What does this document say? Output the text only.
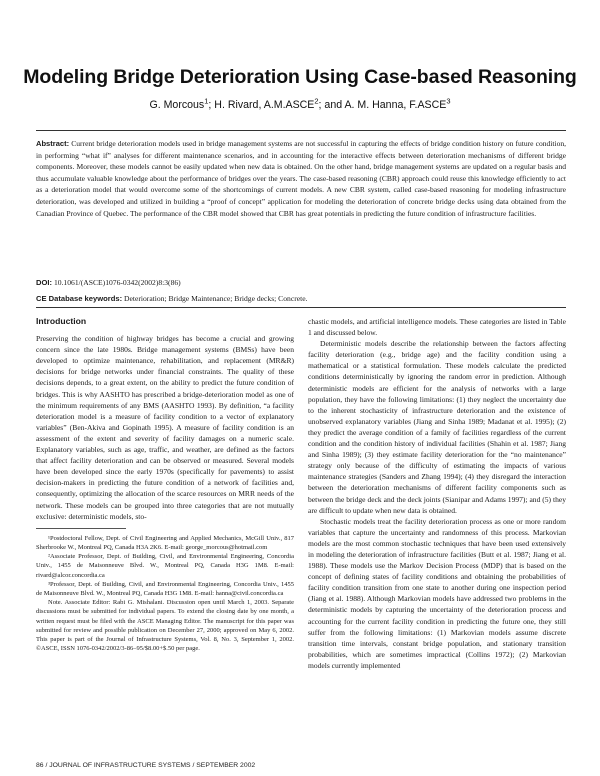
Modeling Bridge Deterioration Using Case-based Reasoning
G. Morcous$^1$; H. Rivard, A.M.ASCE$^2$; and A. M. Hanna, F.ASCE$^3$
Abstract: Current bridge deterioration models used in bridge management systems are not successful in capturing the effects of bridge condition history on future condition, in performing “what if” analyses for different maintenance scenarios, and in accounting for the interactive effects between deterioration mechanisms of different bridge components. Moreover, these models cannot be easily updated when new data is obtained. On the other hand, bridge management systems are updated on a regular basis and thus accumulate valuable knowledge about the performance of bridges over the years. The case-based reasoning (CBR) approach could reuse this knowledge efficiently to act as a deterioration model that would overcome some of the shortcomings of current models. A new CBR system, called case-based reasoning for modeling infrastructure deterioration, was developed and utilized in building a “proof of concept” application for modeling the deterioration of concrete bridge decks using data obtained from the Canadian Province of Quebec. The performance of the CBR model showed that CBR has great potentials in predicting the future condition of infrastructure facilities.
DOI: 10.1061/(ASCE)1076-0342(2002)8:3(86)
CE Database keywords: Deterioration; Bridge Maintenance; Bridge decks; Concrete.
Introduction

Preserving the condition of highway bridges has become a crucial and growing concern since the late 1980s. Bridge management systems (BMSs) have been developed to optimize maintenance, rehabilitation, and replacement (MR&R) decisions for bridge networks under financial constraints. The quality of these decisions depends, to a great extent, on the ability to predict the future condition of bridges. This is why AASHTO has prescribed a bridge-deterioration model as one of the minimum requirements of any BMS (AASHTO 1993). By definition, “a facility deterioration model is a measure of facility condition to a vector of explanatory variables” (Ben-Akiva and Gopinath 1995). A measure of facility condition is an assessment of the extent and severity of facility damages on a numeric scale. Explanatory variables, such as age, traffic, and weather, are defined as the factors that affect facility deterioration and can be observed or measured. Several models have been developed since the early 1970s (specifically for pavements) to assist decision-makers in predicting the future condition of a network of facilities and, consequently, optimizing the allocation of the scarce resources on MRR needs of the network. These models can be grouped into three categories that are not mutually exclusive: deterministic models, sto-

¹Postdoctoral Fellow, Dept. of Civil Engineering and Applied Mechanics, McGill Univ., 817 Sherbrooke W., Montreal PQ, Canada H3A 2K6. E-mail: george_morcous@hotmail.com

²Associate Professor, Dept. of Building, Civil, and Environmental Engineering, Concordia Univ., 1455 de Maisonneuve Blvd. W., Montreal PQ, Canada H3G 1M8. E-mail: rivard@alcor.concordia.ca

³Professor, Dept. of Building, Civil, and Environmental Engineering, Concordia Univ., 1455 de Maisonneuve Blvd. W., Montreal PQ, Canada H3G 1M8. E-mail: hanna@civil.concordia.ca

Note. Associate Editor: Rabi G. Mishalani. Discussion open until March 1, 2003. Separate discussions must be submitted for individual papers. To extend the closing date by one month, a written request must be filed with the ASCE Managing Editor. The manuscript for this paper was submitted for review and possible publication on December 27, 2000; approved on May 6, 2002. This paper is part of the Journal of Infrastructure Systems, Vol. 8, No. 3, September 1, 2002. ©ASCE, ISSN 1076-0342/2002/3-86–95/$8.00+$.50 per page.

chastic models, and artificial intelligence models. These categories are listed in Table 1 and discussed below.

Deterministic models describe the relationship between the factors affecting facility deterioration (e.g., bridge age) and the facility condition using a mathematical or a statistical formulation. These models calculate the predicted conditions deterministically by ignoring the random error in prediction. Although deterministic models are efficient for the analysis of networks with a large population, they have the following limitations: (1) they neglect the uncertainty due to the inherent stochasticity of infrastructure deterioration and the existence of unobserved explanatory variables (Jiang and Sinha 1989; Madanat et al. 1995); (2) they predict the average condition of a family of facilities regardless of the current condition and the condition history of individual facilities (Shahin et al. 1987; Jiang and Sinha 1989); (3) they estimate facility deterioration for the “no maintenance” strategy only because of the difficulty of estimating the impacts of various maintenance strategies (Sanders and Zhang 1994); (4) they disregard the interaction between the deterioration mechanisms of different facility components such as between the bridge deck and the deck joints (Sianipar and Adams 1997); and (5) they are difficult to update when new data is obtained.

Stochastic models treat the facility deterioration process as one or more random variables that capture the uncertainty and randomness of this process. Markovian models are the most common stochastic techniques that have been used extensively in modeling the deterioration of infrastructure facilities (Butt et al. 1987; Jiang et al. 1988). These models use the Markov Decision Process (MDP) that is based on the concept of defining states of facility conditions and obtaining the probabilities of facility condition transition from one state to another during one inspection period (Jiang et al. 1988). Although Markovian models have addressed two problems in the deterministic models by capturing the uncertainty of the deterioration process and accounting for the current facility condition in predicting the future one, they still suffer from the following limitations: (1) Markovian models assume discrete transition time intervals, constant bridge population, and stationary transition probabilities, which are sometimes impractical (Collins 1972); (2) Markovian models currently implemented

86 / JOURNAL OF INFRASTRUCTURE SYSTEMS / SEPTEMBER 2002
